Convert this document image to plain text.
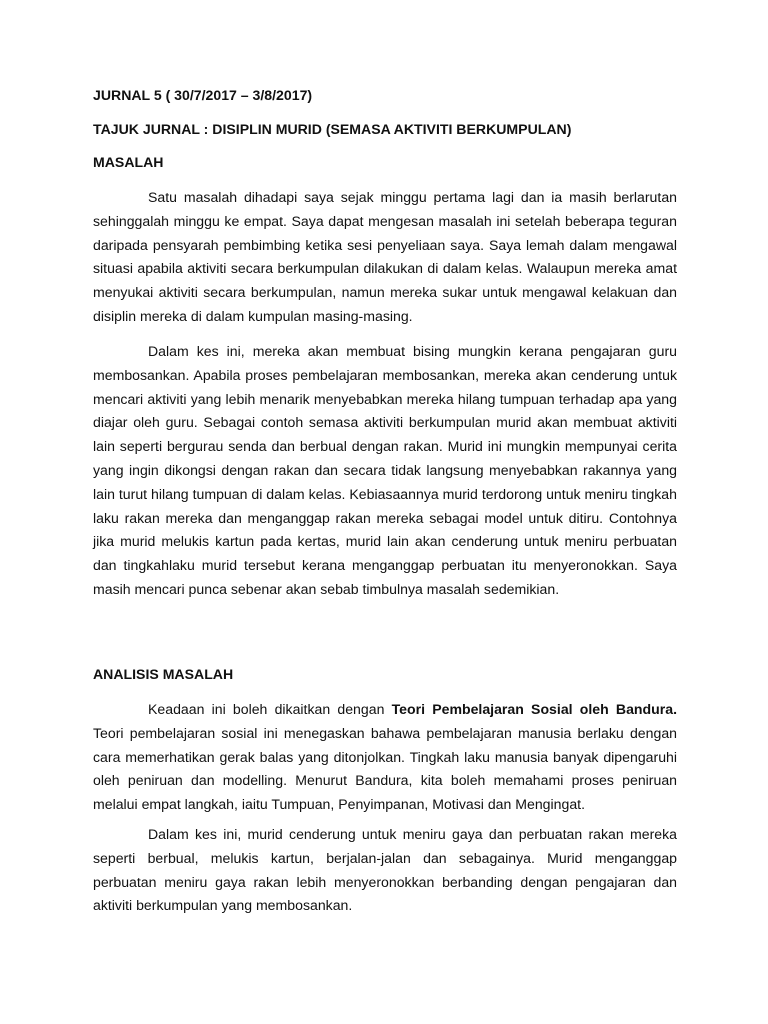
JURNAL 5 ( 30/7/2017 – 3/8/2017)

TAJUK JURNAL : DISIPLIN MURID (SEMASA AKTIVITI BERKUMPULAN)

MASALAH

Satu masalah dihadapi saya sejak minggu pertama lagi dan ia masih berlarutan sehinggalah minggu ke empat. Saya dapat mengesan masalah ini setelah beberapa teguran daripada pensyarah pembimbing ketika sesi penyeliaan saya. Saya lemah dalam mengawal situasi apabila aktiviti secara berkumpulan dilakukan di dalam kelas. Walaupun mereka amat menyukai aktiviti secara berkumpulan, namun mereka sukar untuk mengawal kelakuan dan disiplin mereka di dalam kumpulan masing-masing.

Dalam kes ini, mereka akan membuat bising mungkin kerana pengajaran guru membosankan. Apabila proses pembelajaran membosankan, mereka akan cenderung untuk mencari aktiviti yang lebih menarik menyebabkan mereka hilang tumpuan terhadap apa yang diajar oleh guru. Sebagai contoh semasa aktiviti berkumpulan murid akan membuat aktiviti lain seperti bergurau senda dan berbual dengan rakan. Murid ini mungkin mempunyai cerita yang ingin dikongsi dengan rakan dan secara tidak langsung menyebabkan rakannya yang lain turut hilang tumpuan di dalam kelas. Kebiasaannya murid terdorong untuk meniru tingkah laku rakan mereka dan menganggap rakan mereka sebagai model untuk ditiru. Contohnya jika murid melukis kartun pada kertas, murid lain akan cenderung untuk meniru perbuatan dan tingkahlaku murid tersebut kerana menganggap perbuatan itu menyeronokkan. Saya masih mencari punca sebenar akan sebab timbulnya masalah sedemikian.

ANALISIS MASALAH

Keadaan ini boleh dikaitkan dengan Teori Pembelajaran Sosial oleh Bandura. Teori pembelajaran sosial ini menegaskan bahawa pembelajaran manusia berlaku dengan cara memerhatikan gerak balas yang ditonjolkan. Tingkah laku manusia banyak dipengaruhi oleh peniruan dan modelling. Menurut Bandura, kita boleh memahami proses peniruan melalui empat langkah, iaitu Tumpuan, Penyimpanan, Motivasi dan Mengingat.

Dalam kes ini, murid cenderung untuk meniru gaya dan perbuatan rakan mereka seperti berbual, melukis kartun, berjalan-jalan dan sebagainya. Murid menganggap perbuatan meniru gaya rakan lebih menyeronokkan berbanding dengan pengajaran dan aktiviti berkumpulan yang membosankan.
